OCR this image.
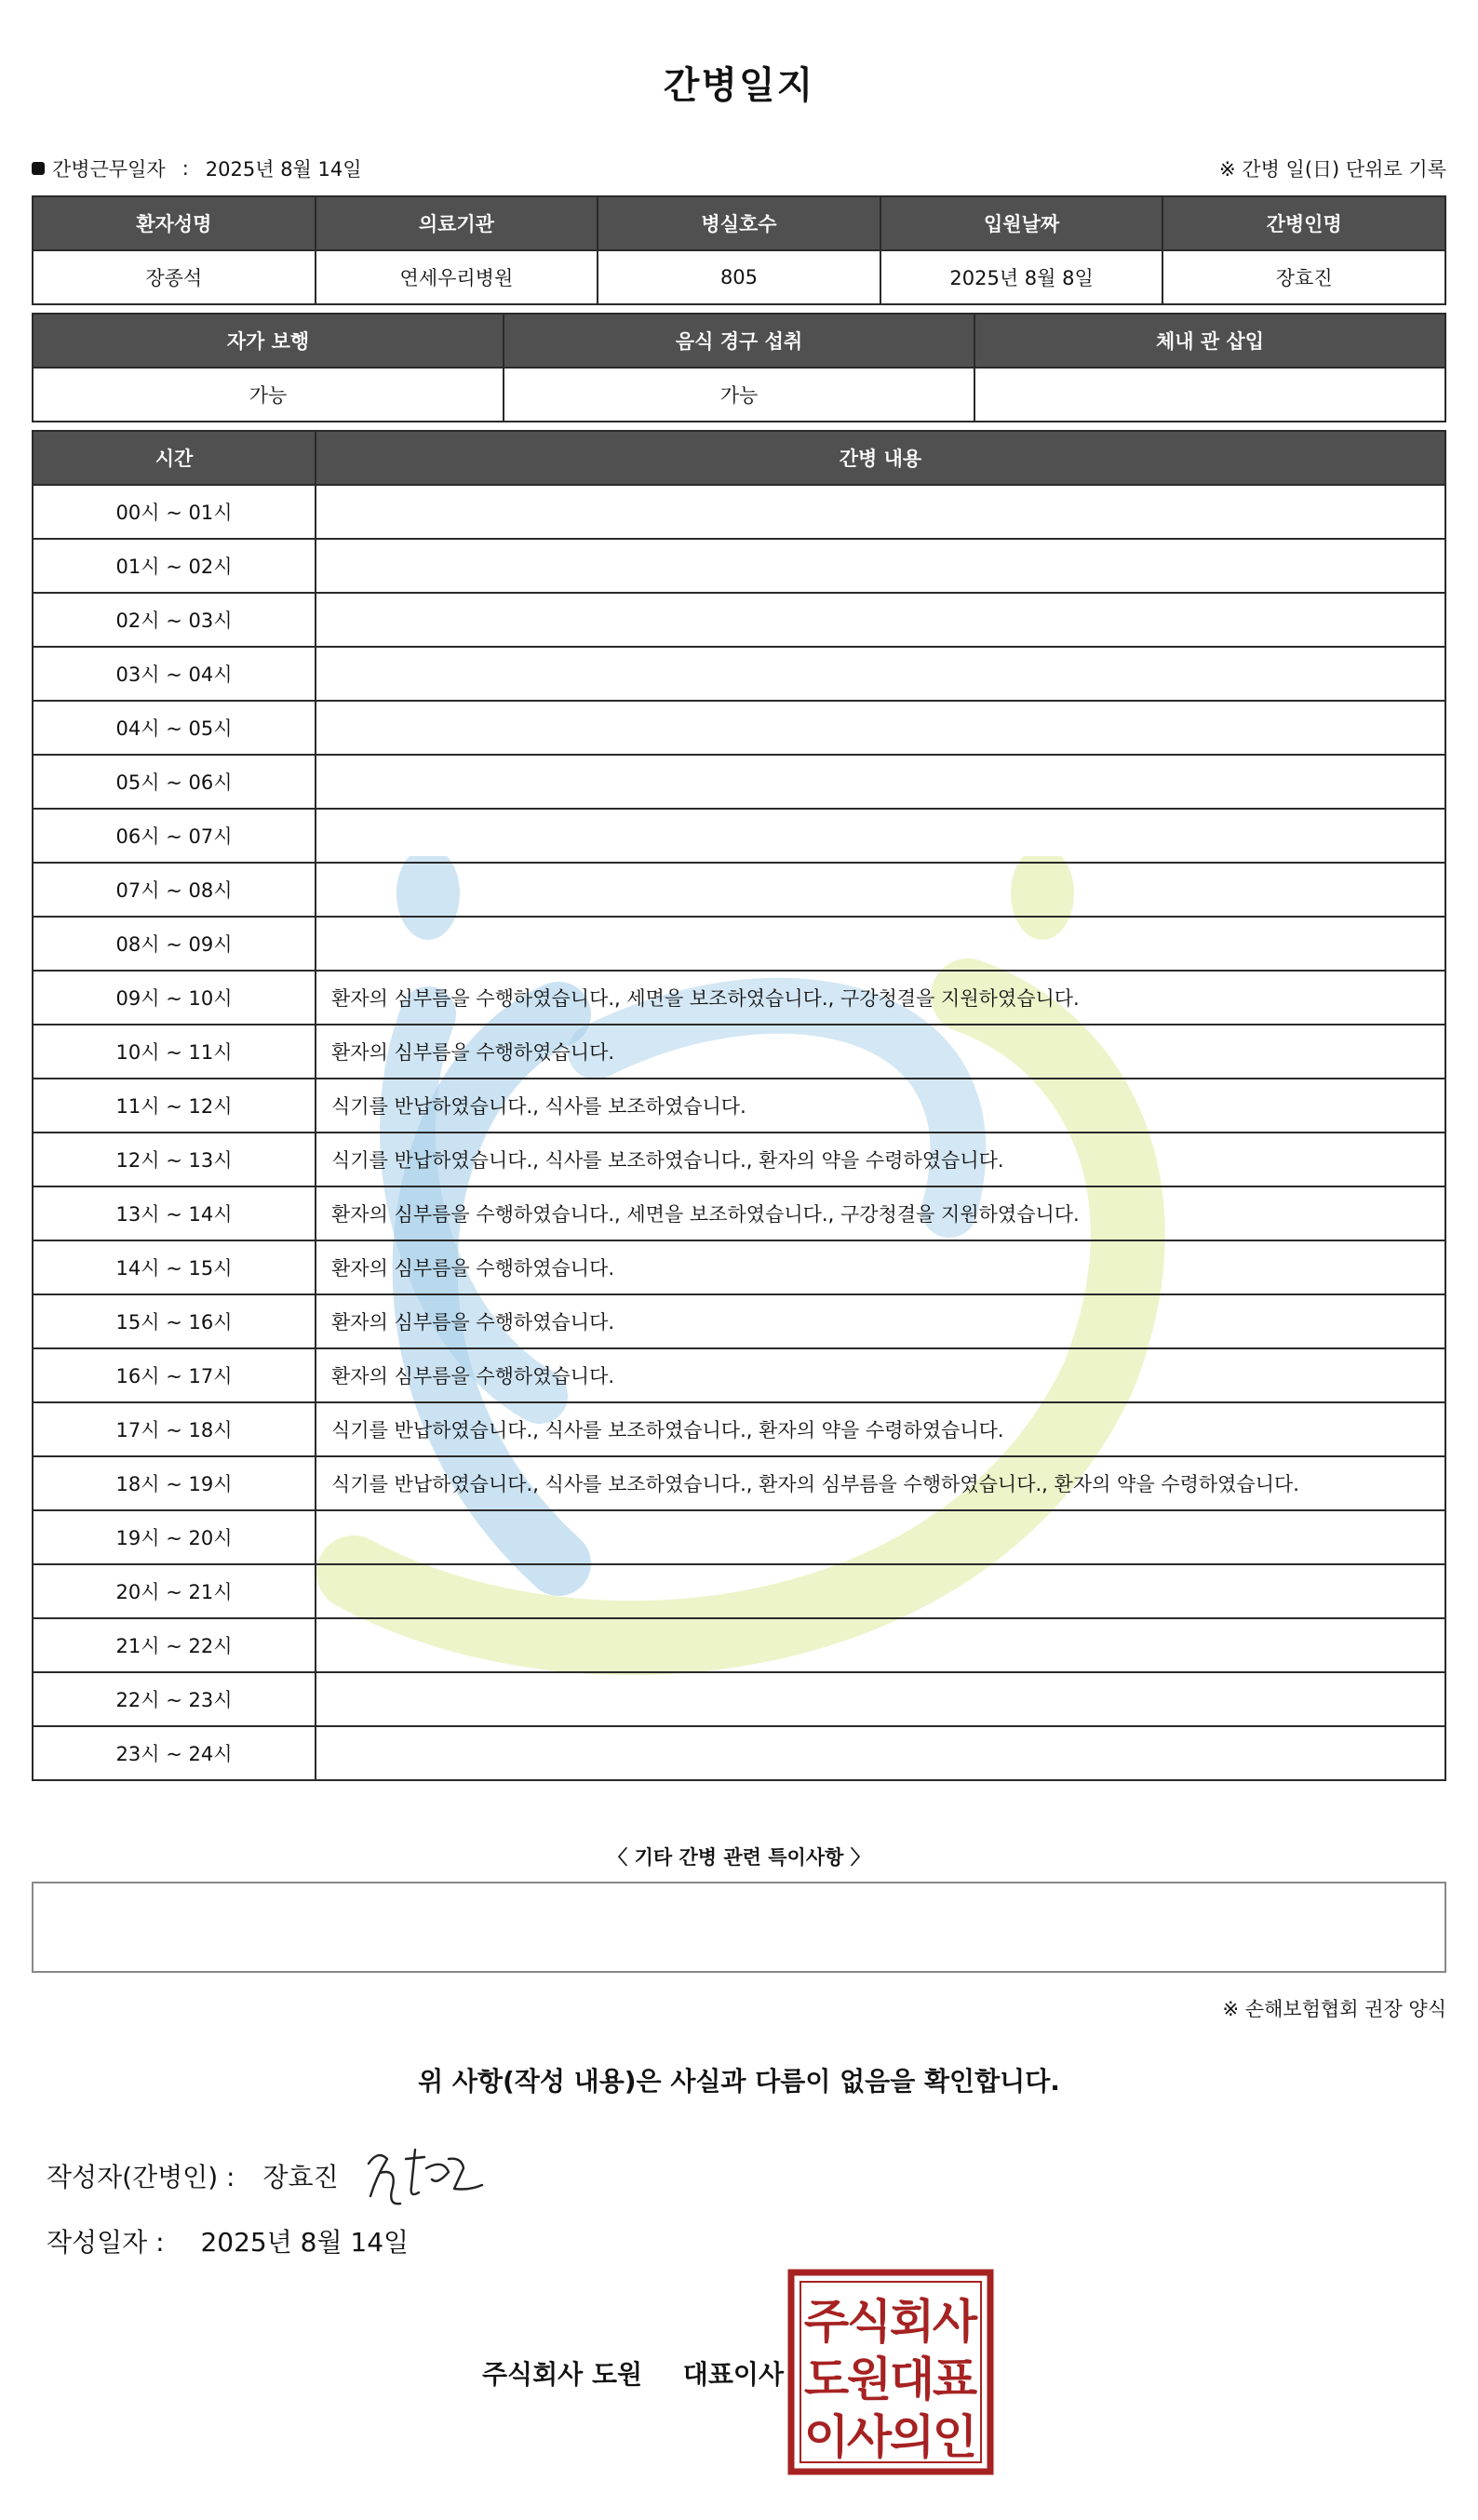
간병일지
간병근무일자 : 2025년 8월 14일	※ 간병 일(日) 단위로 기록
환자성명	의료기관	병실호수	입원날짜	간병인명
장종석	연세우리병원	805	2025년 8월 8일	장효진
자가 보행	음식 경구 섭취	체내 관 삽입
가능	가능	
시간	간병 내용
00시 ~ 01시	
01시 ~ 02시	
02시 ~ 03시	
03시 ~ 04시	
04시 ~ 05시	
05시 ~ 06시	
06시 ~ 07시	
07시 ~ 08시	
08시 ~ 09시	
09시 ~ 10시	환자의 심부름을 수행하였습니다., 세면을 보조하였습니다., 구강청결을 지원하였습니다.
10시 ~ 11시	환자의 심부름을 수행하였습니다.
11시 ~ 12시	식기를 반납하였습니다., 식사를 보조하였습니다.
12시 ~ 13시	식기를 반납하였습니다., 식사를 보조하였습니다., 환자의 약을 수령하였습니다.
13시 ~ 14시	환자의 심부름을 수행하였습니다., 세면을 보조하였습니다., 구강청결을 지원하였습니다.
14시 ~ 15시	환자의 심부름을 수행하였습니다.
15시 ~ 16시	환자의 심부름을 수행하였습니다.
16시 ~ 17시	환자의 심부름을 수행하였습니다.
17시 ~ 18시	식기를 반납하였습니다., 식사를 보조하였습니다., 환자의 약을 수령하였습니다.
18시 ~ 19시	식기를 반납하였습니다., 식사를 보조하였습니다., 환자의 심부름을 수행하였습니다., 환자의 약을 수령하였습니다.
19시 ~ 20시	
20시 ~ 21시	
21시 ~ 22시	
22시 ~ 23시	
23시 ~ 24시	
〈 기타 간병 관련 특이사항 〉
※ 손해보험협회 권장 양식
위 사항(작성 내용)은 사실과 다름이 없음을 확인합니다.
작성자(간병인) : 장효진
작성일자 : 2025년 8월 14일
주식회사 도원 대표이사
주
식
회
사
도
원
대
표
이
사
의
인
